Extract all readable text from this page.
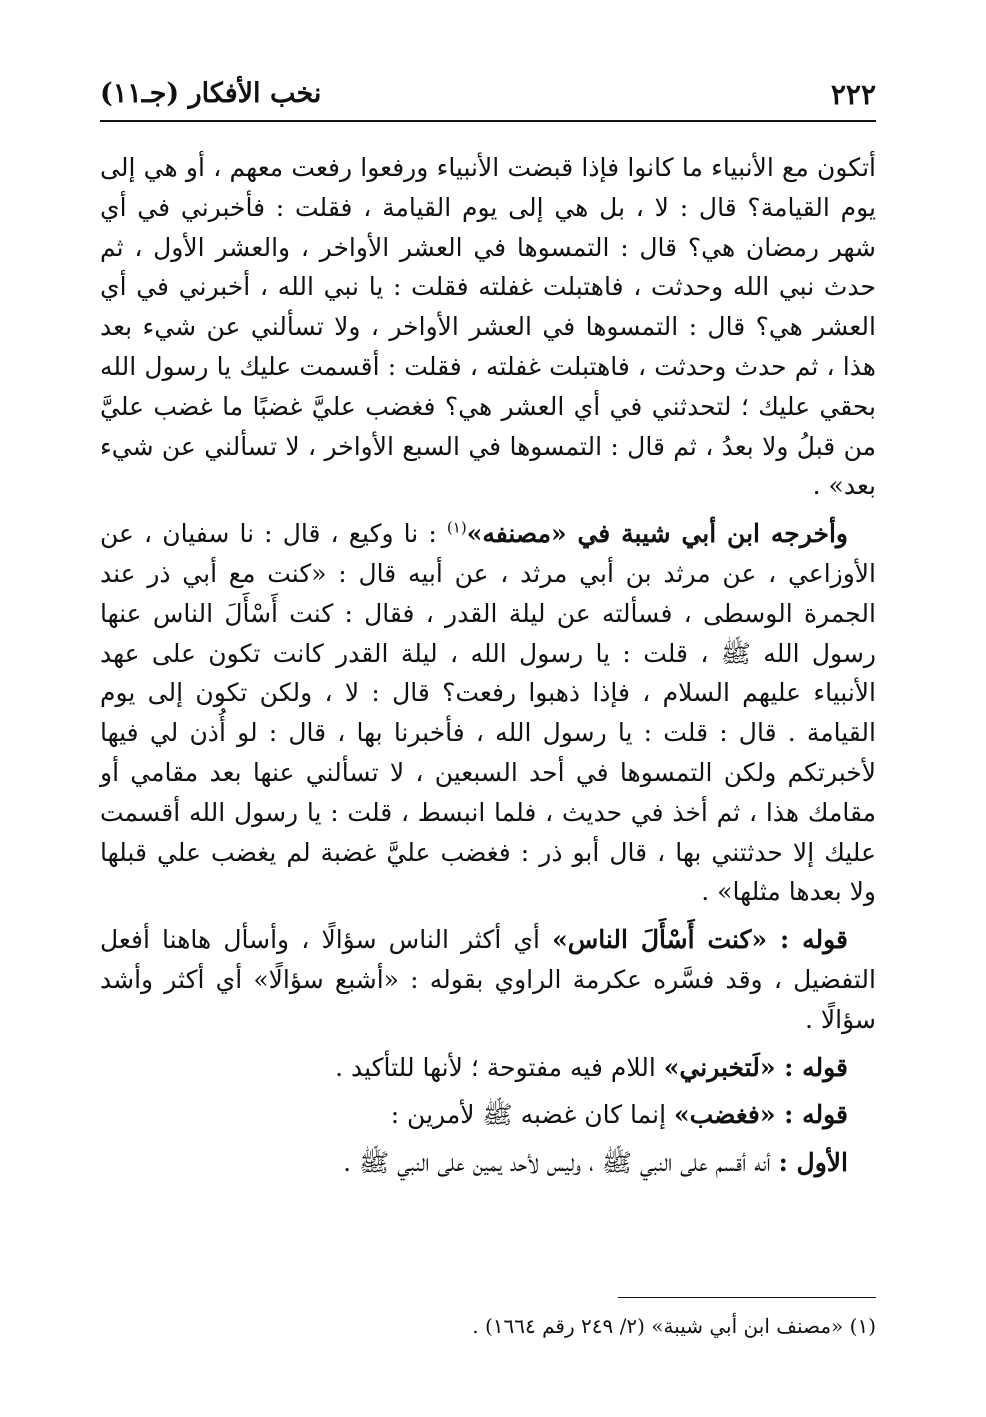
٢٢٢
نخب الأفكار (جـ١١)

أتكون مع الأنبياء ما كانوا فإذا قبضت الأنبياء ورفعوا رفعت معهم ، أو هي إلى يوم القيامة؟ قال : لا ، بل هي إلى يوم القيامة ، فقلت : فأخبرني في أي شهر رمضان هي؟ قال : التمسوها في العشر الأواخر ، والعشر الأول ، ثم حدث نبي الله وحدثت ، فاهتبلت غفلته فقلت : يا نبي الله ، أخبرني في أي العشر هي؟ قال : التمسوها في العشر الأواخر ، ولا تسألني عن شيء بعد هذا ، ثم حدث وحدثت ، فاهتبلت غفلته ، فقلت : أقسمت عليك يا رسول الله بحقي عليك ؛ لتحدثني في أي العشر هي؟ فغضب عليَّ غضبًا ما غضب عليَّ من قبلُ ولا بعدُ ، ثم قال : التمسوها في السبع الأواخر ، لا تسألني عن شيء بعد» .

وأخرجه ابن أبي شيبة في «مصنفه»$^{(١)}$ : نا وكيع ، قال : نا سفيان ، عن الأوزاعي ، عن مرثد بن أبي مرثد ، عن أبيه قال : «كنت مع أبي ذر عند الجمرة الوسطى ، فسألته عن ليلة القدر ، فقال : كنت أَسْأَلَ الناس عنها رسول الله ﷺ ، قلت : يا رسول الله ، ليلة القدر كانت تكون على عهد الأنبياء عليهم السلام ، فإذا ذهبوا رفعت؟ قال : لا ، ولكن تكون إلى يوم القيامة . قال : قلت : يا رسول الله ، فأخبرنا بها ، قال : لو أُذن لي فيها لأخبرتكم ولكن التمسوها في أحد السبعين ، لا تسألني عنها بعد مقامي أو مقامك هذا ، ثم أخذ في حديث ، فلما انبسط ، قلت : يا رسول الله أقسمت عليك إلا حدثتني بها ، قال أبو ذر : فغضب عليَّ غضبة لم يغضب علي قبلها ولا بعدها مثلها» .

قوله : «كنت أَسْأَلَ الناس» أي أكثر الناس سؤالًا ، وأسأل هاهنا أفعل التفضيل ، وقد فسَّره عكرمة الراوي بقوله : «أشبع سؤالًا» أي أكثر وأشد سؤالًا .

قوله : «لَتخبرني» اللام فيه مفتوحة ؛ لأنها للتأكيد .

قوله : «فغضب» إنما كان غضبه ﷺ لأمرين :

الأول : أنه أقسم على النبي ﷺ ، وليس لأحد يمين على النبي ﷺ .

(١) «مصنف ابن أبي شيبة» (٢/ ٢٤٩ رقم ١٦٦٤) .
